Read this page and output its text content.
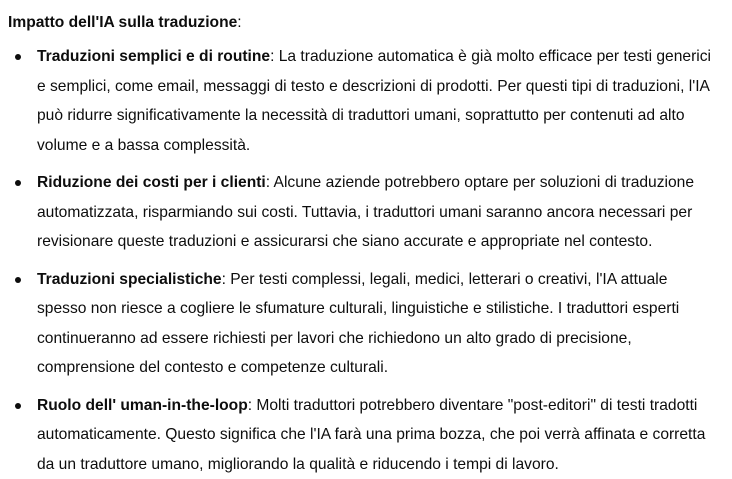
Impatto dell'IA sulla traduzione:
Traduzioni semplici e di routine: La traduzione automatica è già molto efficace per testi generici e semplici, come email, messaggi di testo e descrizioni di prodotti. Per questi tipi di traduzioni, l'IA può ridurre significativamente la necessità di traduttori umani, soprattutto per contenuti ad alto volume e a bassa complessità.
Riduzione dei costi per i clienti: Alcune aziende potrebbero optare per soluzioni di traduzione automatizzata, risparmiando sui costi. Tuttavia, i traduttori umani saranno ancora necessari per revisionare queste traduzioni e assicurarsi che siano accurate e appropriate nel contesto.
Traduzioni specialistiche: Per testi complessi, legali, medici, letterari o creativi, l'IA attuale spesso non riesce a cogliere le sfumature culturali, linguistiche e stilistiche. I traduttori esperti continueranno ad essere richiesti per lavori che richiedono un alto grado di precisione, comprensione del contesto e competenze culturali.
Ruolo dell' uman-in-the-loop: Molti traduttori potrebbero diventare "post-editori" di testi tradotti automaticamente. Questo significa che l'IA farà una prima bozza, che poi verrà affinata e corretta da un traduttore umano, migliorando la qualità e riducendo i tempi di lavoro.
